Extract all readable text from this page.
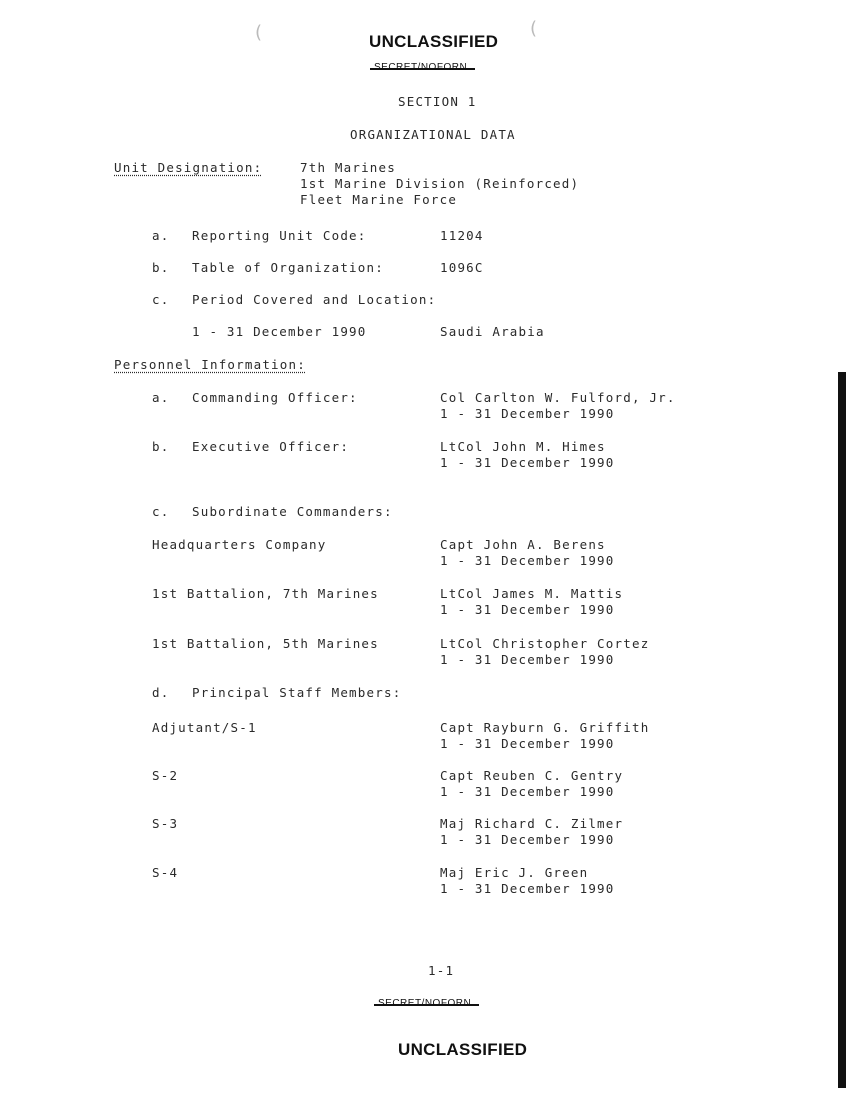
(	(
UNCLASSIFIED
SECRET/NOFORN
SECTION 1
ORGANIZATIONAL DATA
Unit Designation:	7th Marines
1st Marine Division (Reinforced)
Fleet Marine Force
a. Reporting Unit Code:	11204
b. Table of Organization:	1096C
c. Period Covered and Location:
1 - 31 December 1990	Saudi Arabia
Personnel Information:
a. Commanding Officer:	Col Carlton W. Fulford, Jr.
1 - 31 December 1990
b. Executive Officer:	LtCol John M. Himes
1 - 31 December 1990
c. Subordinate Commanders:
Headquarters Company	Capt John A. Berens
1 - 31 December 1990
1st Battalion, 7th Marines	LtCol James M. Mattis
1 - 31 December 1990
1st Battalion, 5th Marines	LtCol Christopher Cortez
1 - 31 December 1990
d. Principal Staff Members:
Adjutant/S-1	Capt Rayburn G. Griffith
1 - 31 December 1990
S-2	Capt Reuben C. Gentry
1 - 31 December 1990
S-3	Maj Richard C. Zilmer
1 - 31 December 1990
S-4	Maj Eric J. Green
1 - 31 December 1990
1-1
SECRET/NOFORN
UNCLASSIFIED
